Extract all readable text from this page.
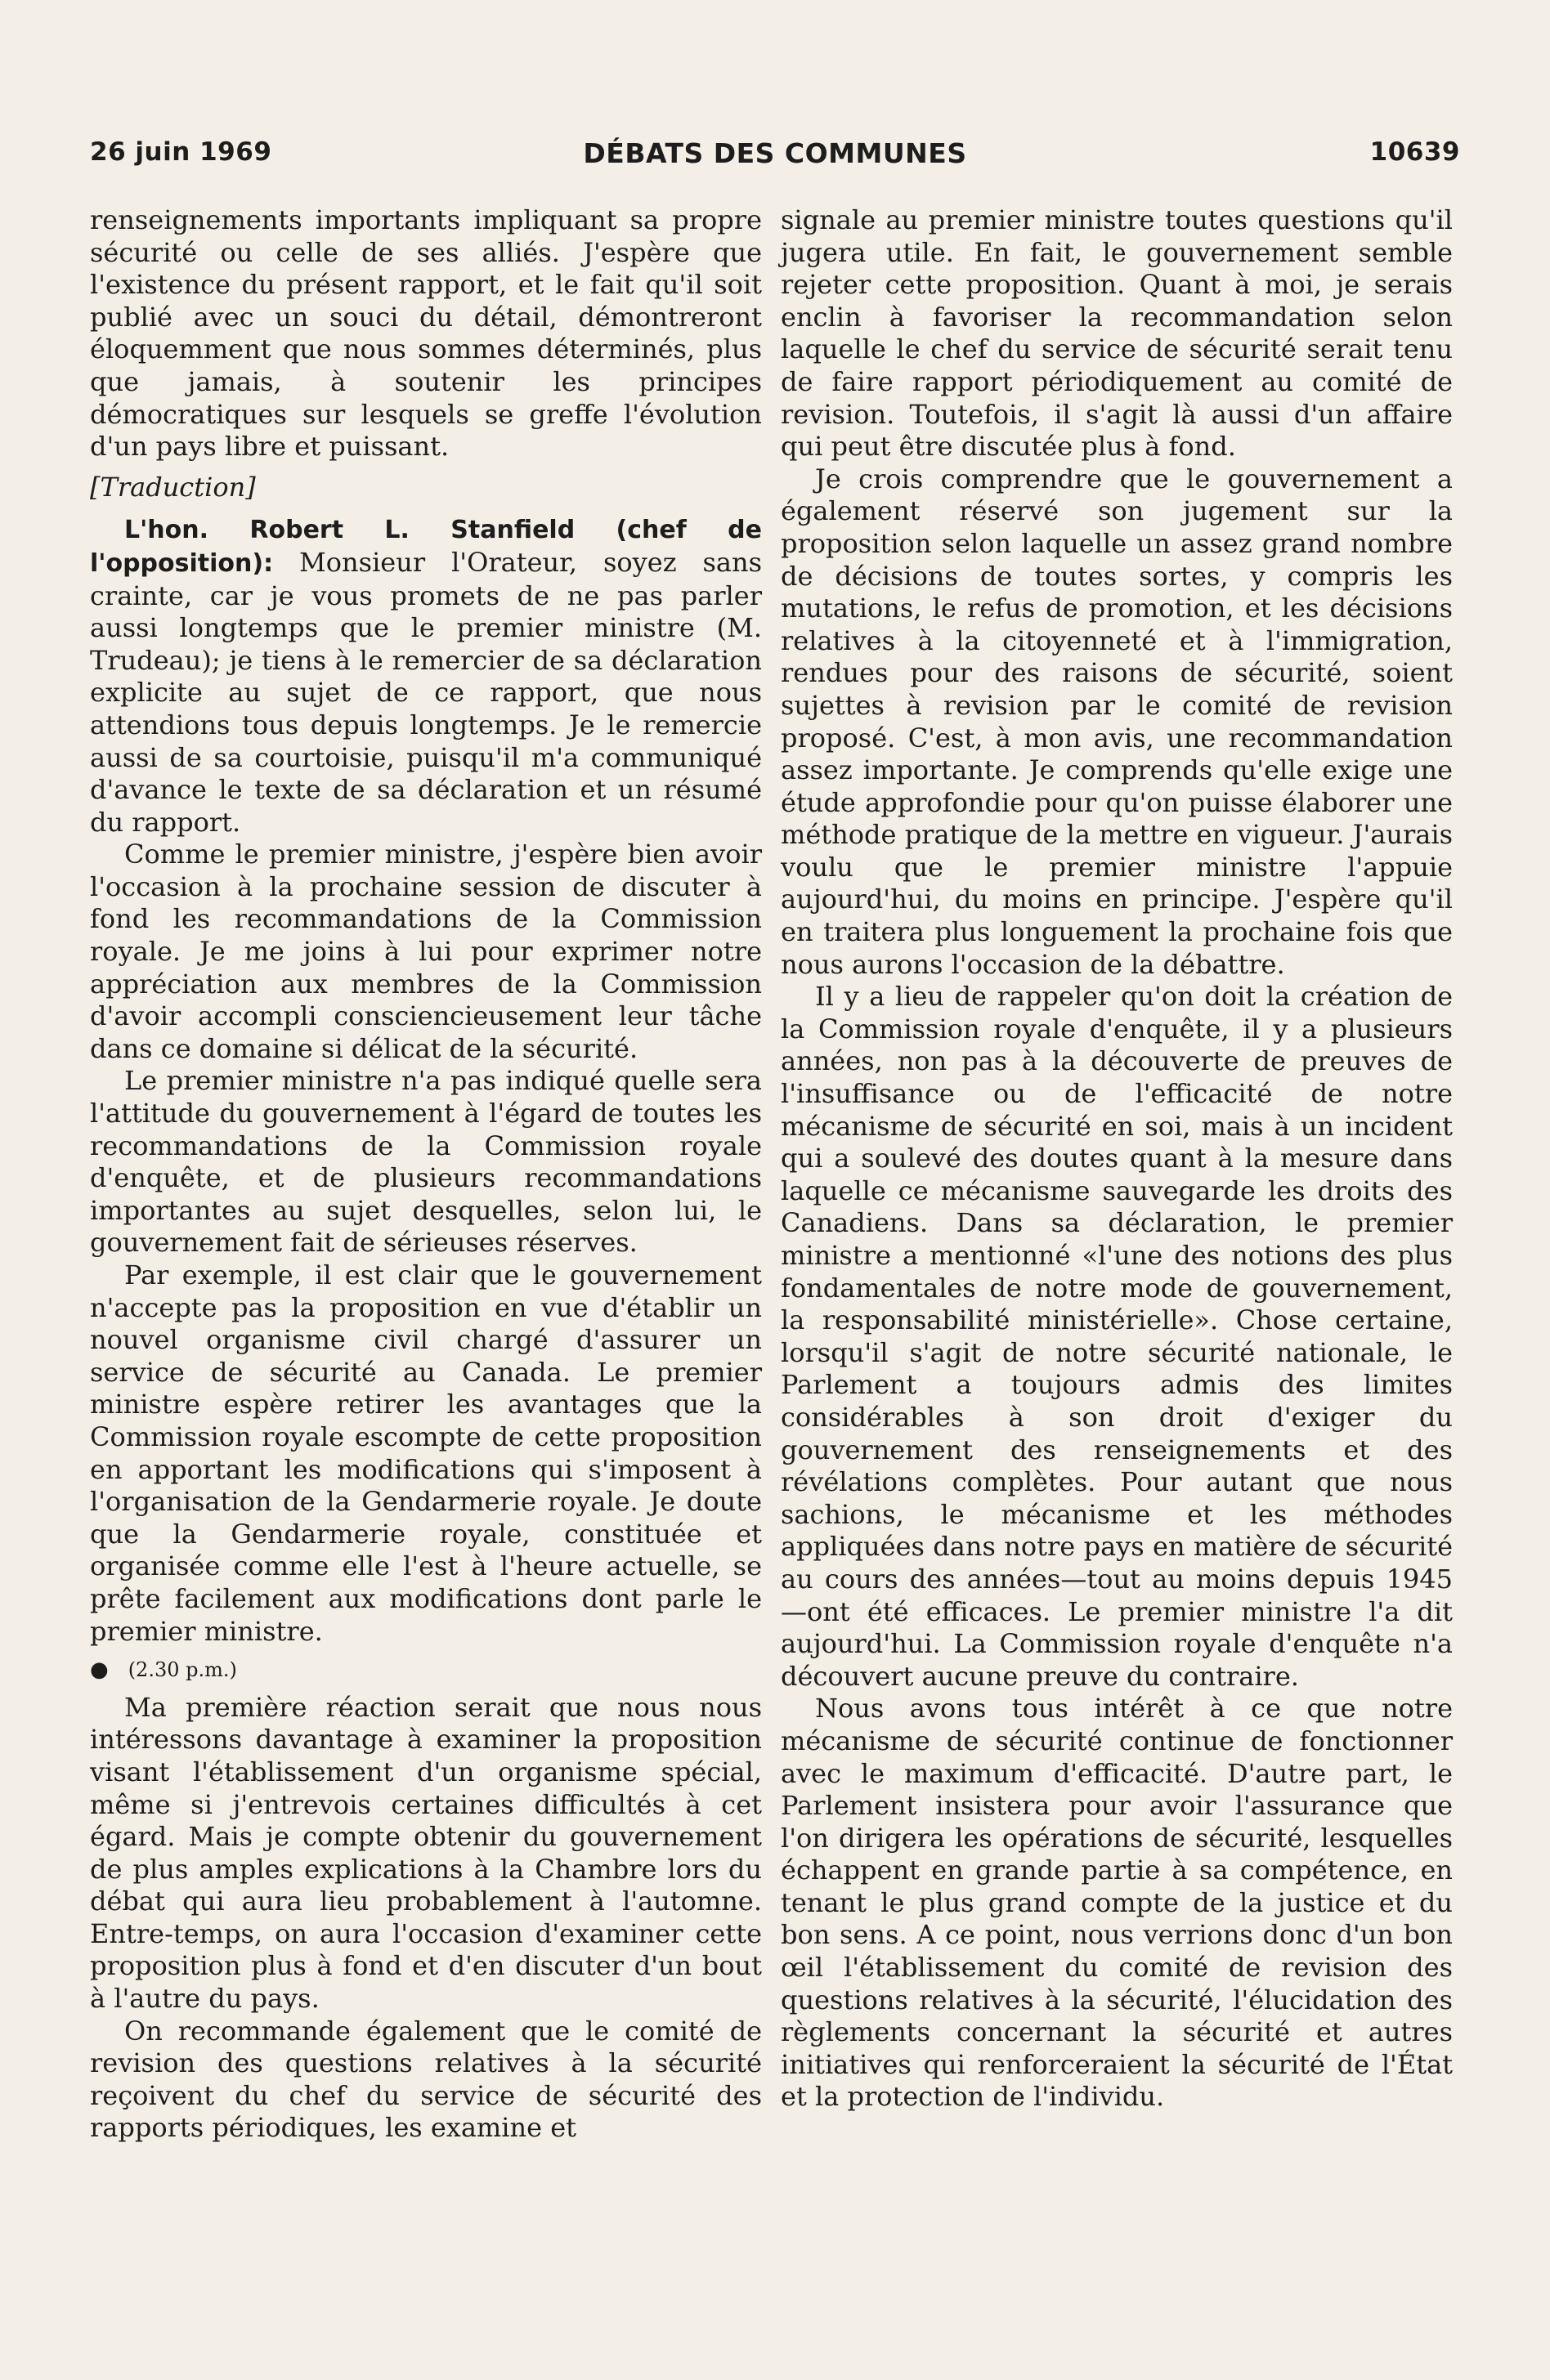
26 juin 1969	DÉBATS DES COMMUNES	10639

renseignements importants impliquant sa propre sécurité ou celle de ses alliés. J'espère que l'existence du présent rapport, et le fait qu'il soit publié avec un souci du détail, démontreront éloquemment que nous sommes déterminés, plus que jamais, à soutenir les principes démocratiques sur lesquels se greffe l'évolution d'un pays libre et puissant.

[Traduction]

L'hon. Robert L. Stanfield (chef de l'opposition): Monsieur l'Orateur, soyez sans crainte, car je vous promets de ne pas parler aussi longtemps que le premier ministre (M. Trudeau); je tiens à le remercier de sa déclaration explicite au sujet de ce rapport, que nous attendions tous depuis longtemps. Je le remercie aussi de sa courtoisie, puisqu'il m'a communiqué d'avance le texte de sa déclaration et un résumé du rapport.

Comme le premier ministre, j'espère bien avoir l'occasion à la prochaine session de discuter à fond les recommandations de la Commission royale. Je me joins à lui pour exprimer notre appréciation aux membres de la Commission d'avoir accompli consciencieusement leur tâche dans ce domaine si délicat de la sécurité.

Le premier ministre n'a pas indiqué quelle sera l'attitude du gouvernement à l'égard de toutes les recommandations de la Commission royale d'enquête, et de plusieurs recommandations importantes au sujet desquelles, selon lui, le gouvernement fait de sérieuses réserves.

Par exemple, il est clair que le gouvernement n'accepte pas la proposition en vue d'établir un nouvel organisme civil chargé d'assurer un service de sécurité au Canada. Le premier ministre espère retirer les avantages que la Commission royale escompte de cette proposition en apportant les modifications qui s'imposent à l'organisation de la Gendarmerie royale. Je doute que la Gendarmerie royale, constituée et organisée comme elle l'est à l'heure actuelle, se prête facilement aux modifications dont parle le premier ministre.

● (2.30 p.m.)

Ma première réaction serait que nous nous intéressons davantage à examiner la proposition visant l'établissement d'un organisme spécial, même si j'entrevois certaines difficultés à cet égard. Mais je compte obtenir du gouvernement de plus amples explications à la Chambre lors du débat qui aura lieu probablement à l'automne. Entre-temps, on aura l'occasion d'examiner cette proposition plus à fond et d'en discuter d'un bout à l'autre du pays.

On recommande également que le comité de revision des questions relatives à la sécurité reçoivent du chef du service de sécurité des rapports périodiques, les examine et

signale au premier ministre toutes questions qu'il jugera utile. En fait, le gouvernement semble rejeter cette proposition. Quant à moi, je serais enclin à favoriser la recommandation selon laquelle le chef du service de sécurité serait tenu de faire rapport périodiquement au comité de revision. Toutefois, il s'agit là aussi d'un affaire qui peut être discutée plus à fond.

Je crois comprendre que le gouvernement a également réservé son jugement sur la proposition selon laquelle un assez grand nombre de décisions de toutes sortes, y compris les mutations, le refus de promotion, et les décisions relatives à la citoyenneté et à l'immigration, rendues pour des raisons de sécurité, soient sujettes à revision par le comité de revision proposé. C'est, à mon avis, une recommandation assez importante. Je comprends qu'elle exige une étude approfondie pour qu'on puisse élaborer une méthode pratique de la mettre en vigueur. J'aurais voulu que le premier ministre l'appuie aujourd'hui, du moins en principe. J'espère qu'il en traitera plus longuement la prochaine fois que nous aurons l'occasion de la débattre.

Il y a lieu de rappeler qu'on doit la création de la Commission royale d'enquête, il y a plusieurs années, non pas à la découverte de preuves de l'insuffisance ou de l'efficacité de notre mécanisme de sécurité en soi, mais à un incident qui a soulevé des doutes quant à la mesure dans laquelle ce mécanisme sauvegarde les droits des Canadiens. Dans sa déclaration, le premier ministre a mentionné «l'une des notions des plus fondamentales de notre mode de gouvernement, la responsabilité ministérielle». Chose certaine, lorsqu'il s'agit de notre sécurité nationale, le Parlement a toujours admis des limites considérables à son droit d'exiger du gouvernement des renseignements et des révélations complètes. Pour autant que nous sachions, le mécanisme et les méthodes appliquées dans notre pays en matière de sécurité au cours des années—tout au moins depuis 1945—ont été efficaces. Le premier ministre l'a dit aujourd'hui. La Commission royale d'enquête n'a découvert aucune preuve du contraire.

Nous avons tous intérêt à ce que notre mécanisme de sécurité continue de fonctionner avec le maximum d'efficacité. D'autre part, le Parlement insistera pour avoir l'assurance que l'on dirigera les opérations de sécurité, lesquelles échappent en grande partie à sa compétence, en tenant le plus grand compte de la justice et du bon sens. A ce point, nous verrions donc d'un bon œil l'établissement du comité de revision des questions relatives à la sécurité, l'élucidation des règlements concernant la sécurité et autres initiatives qui renforceraient la sécurité de l'État et la protection de l'individu.
